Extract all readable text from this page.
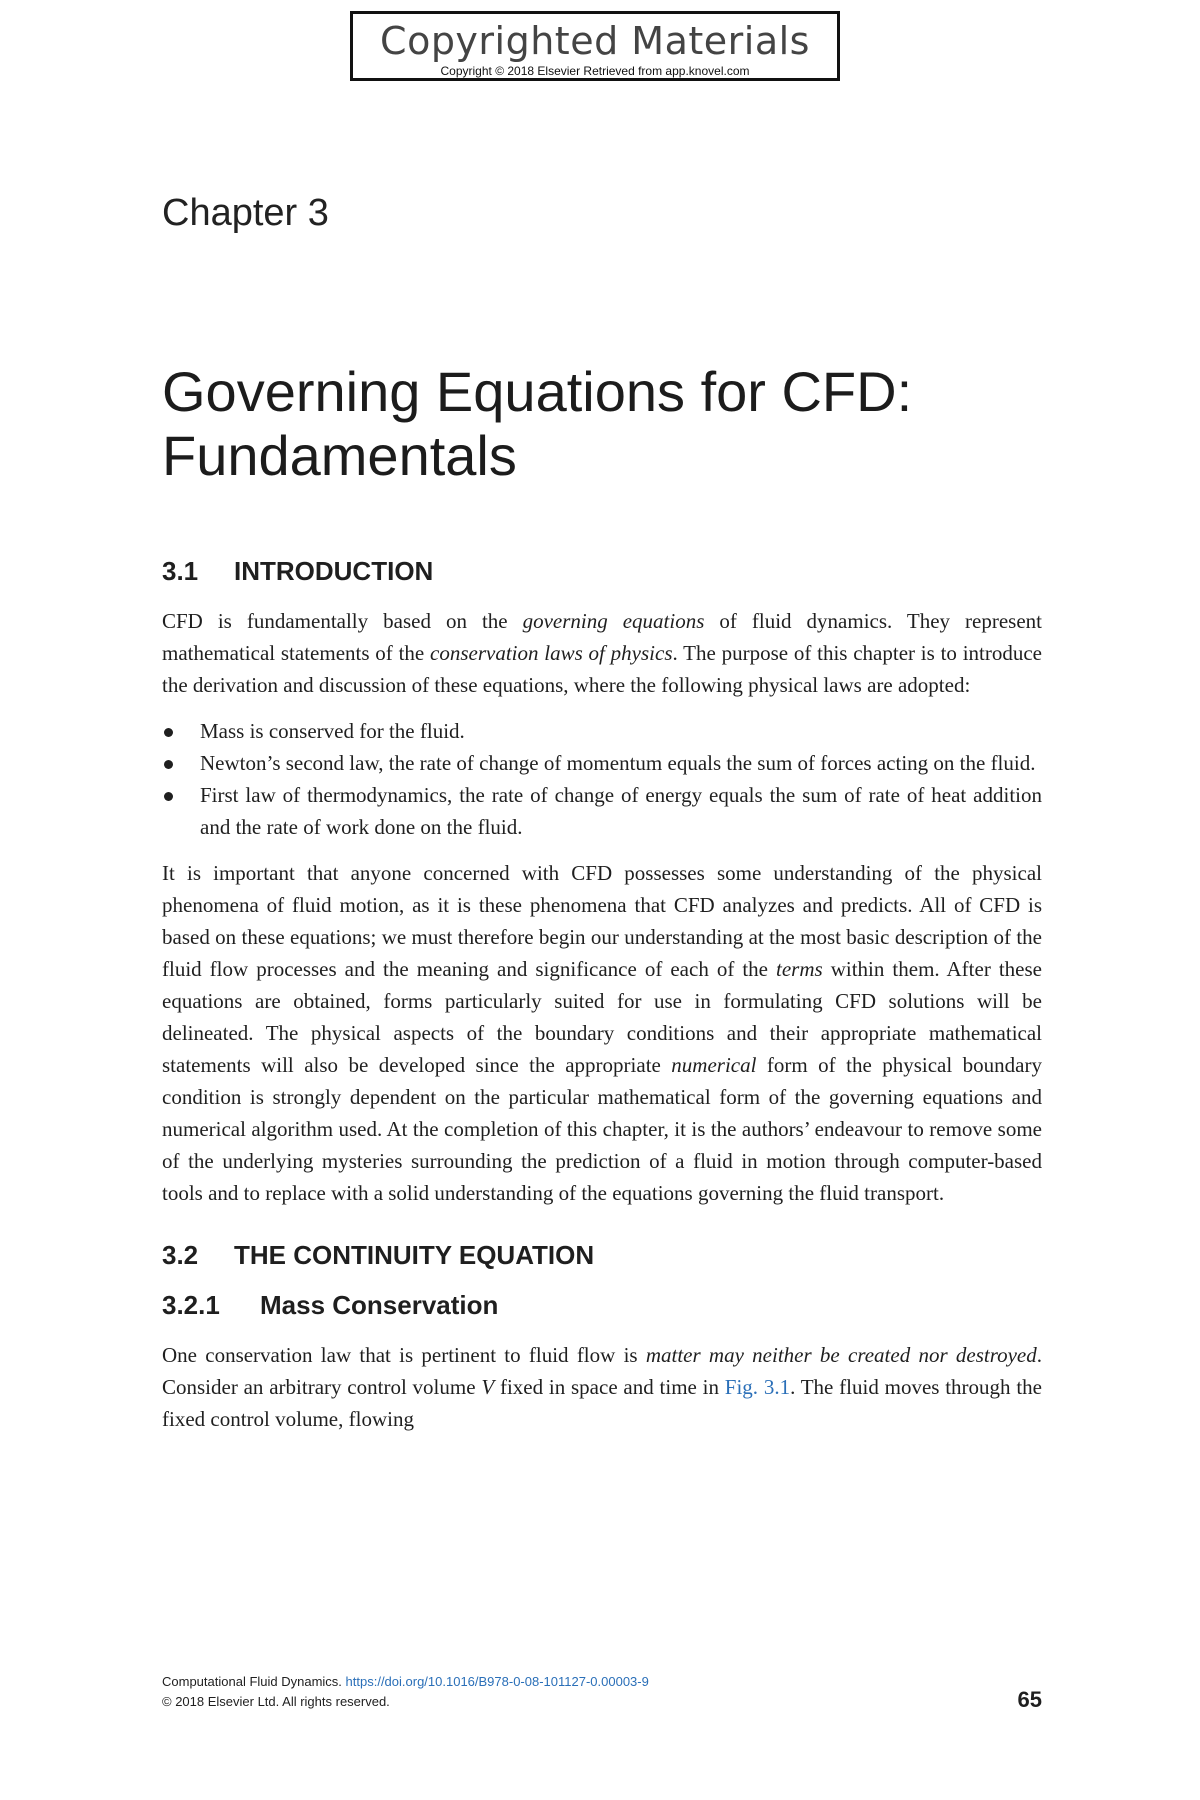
Copyrighted Materials
Copyright © 2018 Elsevier Retrieved from app.knovel.com
Chapter 3
Governing Equations for CFD:
Fundamentals
3.1 INTRODUCTION

CFD is fundamentally based on the governing equations of fluid dynamics. They represent mathematical statements of the conservation laws of physics. The purpose of this chapter is to introduce the derivation and discussion of these equations, where the following physical laws are adopted:

Mass is conserved for the fluid.
Newton’s second law, the rate of change of momentum equals the sum of forces acting on the fluid.
First law of thermodynamics, the rate of change of energy equals the sum of rate of heat addition and the rate of work done on the fluid.

It is important that anyone concerned with CFD possesses some understanding of the physical phenomena of fluid motion, as it is these phenomena that CFD analyzes and predicts. All of CFD is based on these equations; we must therefore begin our understanding at the most basic description of the fluid flow processes and the meaning and significance of each of the terms within them. After these equations are obtained, forms particularly suited for use in formulating CFD solutions will be delineated. The physical aspects of the boundary conditions and their appropriate mathematical statements will also be developed since the appropriate numerical form of the physical boundary condition is strongly dependent on the particular mathematical form of the governing equations and numerical algorithm used. At the completion of this chapter, it is the authors’ endeavour to remove some of the underlying mysteries surrounding the prediction of a fluid in motion through computer-based tools and to replace with a solid understanding of the equations governing the fluid transport.

3.2 THE CONTINUITY EQUATION
3.2.1 Mass Conservation

One conservation law that is pertinent to fluid flow is matter may neither be created nor destroyed. Consider an arbitrary control volume V fixed in space and time in Fig. 3.1. The fluid moves through the fixed control volume, flowing

Computational Fluid Dynamics. https://doi.org/10.1016/B978-0-08-101127-0.00003-9
© 2018 Elsevier Ltd. All rights reserved.	65
